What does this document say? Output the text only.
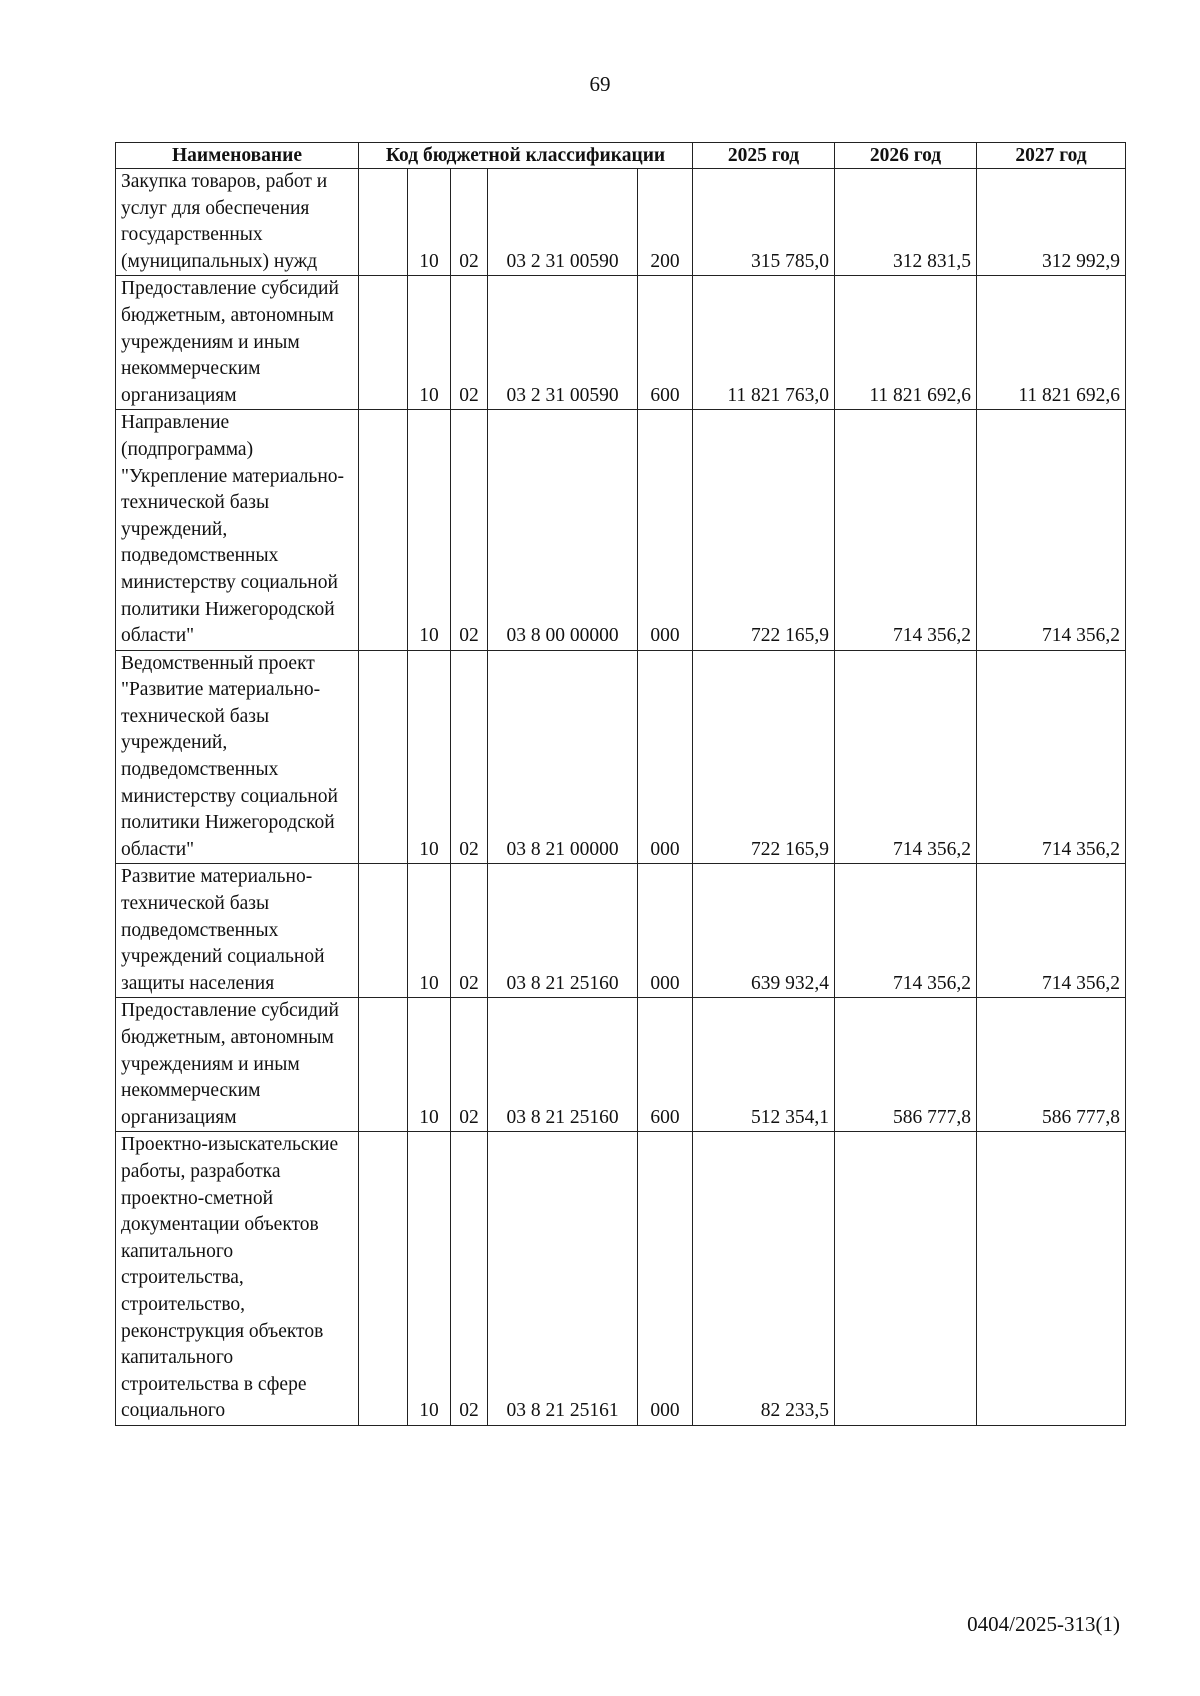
69
Наименование	Код бюджетной классификации					2025 год	2026 год	2027 год
Закупка товаров, работ и услуг для обеспечения государственных (муниципальных) нужд		10	02	03 2 31 00590	200	315 785,0	312 831,5	312 992,9
Предоставление субсидий бюджетным, автономным учреждениям и иным некоммерческим организациям		10	02	03 2 31 00590	600	11 821 763,0	11 821 692,6	11 821 692,6
Направление (подпрограмма) "Укрепление материально-технической базы учреждений, подведомственных министерству социальной политики Нижегородской области"		10	02	03 8 00 00000	000	722 165,9	714 356,2	714 356,2
Ведомственный проект "Развитие материально-технической базы учреждений, подведомственных министерству социальной политики Нижегородской области"		10	02	03 8 21 00000	000	722 165,9	714 356,2	714 356,2
Развитие материально-технической базы подведомственных учреждений социальной защиты населения		10	02	03 8 21 25160	000	639 932,4	714 356,2	714 356,2
Предоставление субсидий бюджетным, автономным учреждениям и иным некоммерческим организациям		10	02	03 8 21 25160	600	512 354,1	586 777,8	586 777,8
Проектно-изыскательские работы, разработка проектно-сметной документации объектов капитального строительства, строительство, реконструкция объектов капитального строительства в сфере социального		10	02	03 8 21 25161	000	82 233,5		
0404/2025-313(1)
